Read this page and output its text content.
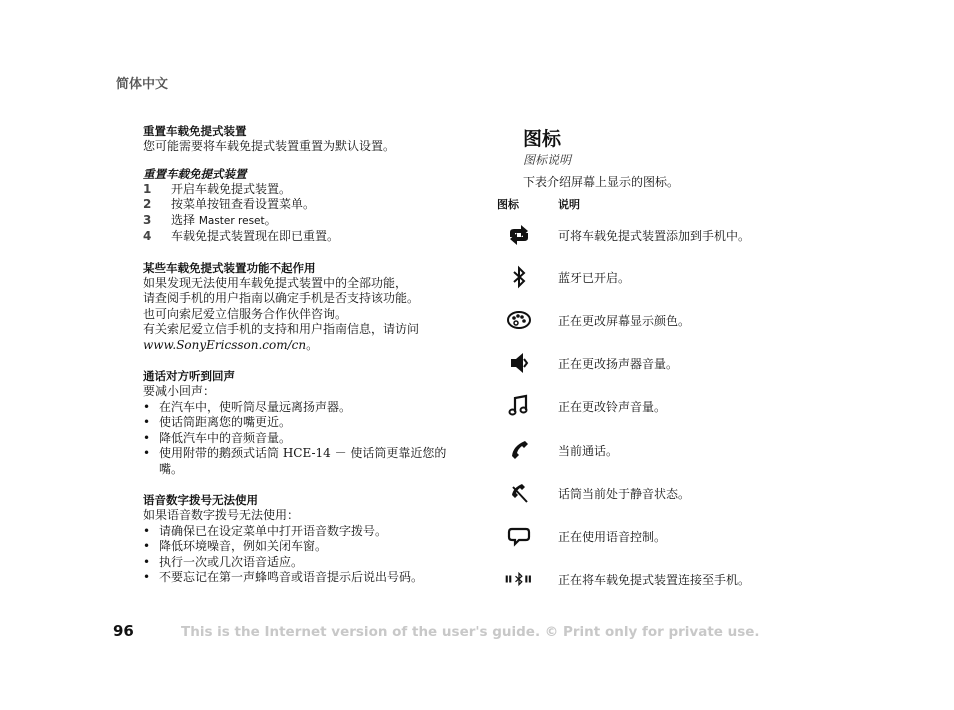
简体中文

重置车载免提式装置

您可能需要将车载免提式装置重置为默认设置。

重置车载免提式装置

1	开启车载免提式装置。
2	按菜单按钮查看设置菜单。
3	选择 Master reset。
4	车载免提式装置现在即已重置。

某些车载免提式装置功能不起作用

如果发现无法使用车载免提式装置中的全部功能，

请查阅手机的用户指南以确定手机是否支持该功能。

也可向索尼爱立信服务合作伙伴咨询。

有关索尼爱立信手机的支持和用户指南信息，请访问

www.SonyEricsson.com/cn。

通话对方听到回声

要减小回声：

• 在汽车中，使听筒尽量远离扬声器。
• 使话筒距离您的嘴更近。
• 降低汽车中的音频音量。
• 使用附带的鹅颈式话筒 HCE-14 － 使话筒更靠近您的嘴。

语音数字拨号无法使用

如果语音数字拨号无法使用：

• 请确保已在设定菜单中打开语音数字拨号。
• 降低环境噪音，例如关闭车窗。
• 执行一次或几次语音适应。
• 不要忘记在第一声蜂鸣音或语音提示后说出号码。
图标
图标说明
下表介绍屏幕上显示的图标。
图标	说明
可将车载免提式装置添加到手机中。
蓝牙已开启。
正在更改屏幕显示颜色。
正在更改扬声器音量。
正在更改铃声音量。
当前通话。
话筒当前处于静音状态。
正在使用语音控制。
正在将车载免提式装置连接至手机。
96	This is the Internet version of the user's guide. © Print only for private use.
